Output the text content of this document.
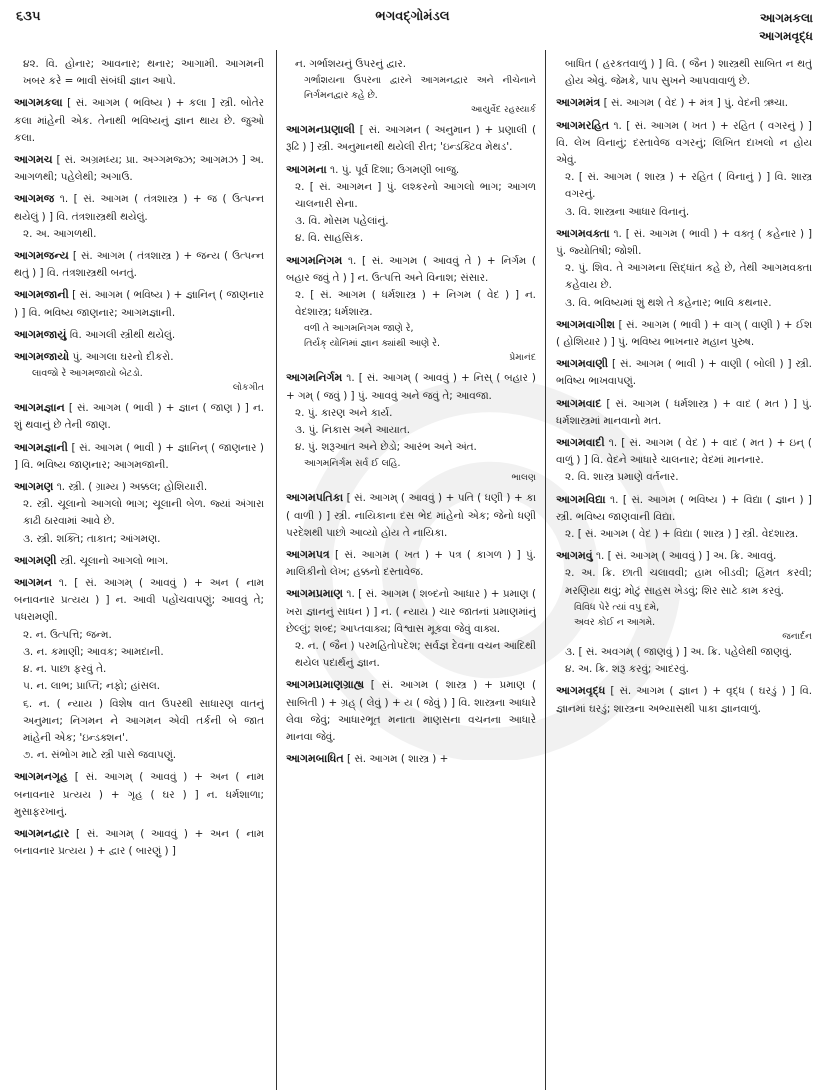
૬૩૫	ભગવદ્ગોમંડલ	આગમકલા
આગમવૃદ્ધ
૪૨. વિ. હોનાર; આવનાર; થનાર; આગામી. આગમની ખબર કરે = ભાવી સંબંધી જ્ઞાન આપે.
આગમકલા [ સં. આગમ ( ભવિષ્ય ) + કલા ] સ્ત્રી. બોતેર કલા માંહેની એક. તેનાથી ભવિષ્યનું જ્ઞાન થાય છે. જુઓ કલા.
આગમચ [ સં. અગ્રમધ્ય; પ્રા. અગ્ગમજ્ઝ; આગમઝ ] અ. આગળથી; પહેલેથી; અગાઉ.
આગમજ ૧. [ સં. આગમ ( તંત્રશાસ્ત્ર ) + જ ( ઉત્પન્ન થયેલું ) ] વિ. તંત્રશાસ્ત્રથી થયેલું.
૨. અ. આગળથી.
આગમજન્ય [ સં. આગમ ( તંત્રશાસ્ત્ર ) + જન્ય ( ઉત્પન્ન થતું ) ] વિ. તંત્રશાસ્ત્રથી બનતું.
આગમજાની [ સં. આગમ ( ભવિષ્ય ) + જ્ઞાનિન્ ( જાણનાર ) ] વિ. ભવિષ્ય જાણનાર; આગમજ્ઞાની.
આગમજાયું વિ. આગલી સ્ત્રીથી થયેલું.
આગમજાયો પું. આગલા ઘરનો દીકરો.
લાવજો રે આગમજાયો બેટડો.
લોકગીત
આગમજ્ઞાન [ સં. આગમ ( ભાવી ) + જ્ઞાન ( જાણ ) ] ન. શું થવાનું છે તેની જાણ.
આગમજ્ઞાની [ સં. આગમ ( ભાવી ) + જ્ઞાનિન્ ( જાણનાર ) ] વિ. ભવિષ્ય જાણનાર; આગમજાની.
આગમણ ૧. સ્ત્રી. ( ગ્રામ્ય ) અક્કલ; હોશિયારી.
૨. સ્ત્રી. ચૂલાનો આગલો ભાગ; ચૂલાની બેળ. જ્યાં અંગારા કાઢી ઠારવામાં આવે છે.
૩. સ્ત્રી. શક્તિ; તાકાત; આંગમણ.
આગમણી સ્ત્રી. ચૂલાનો આગલો ભાગ.
આગમન ૧. [ સં. આગમ્ ( આવવું ) + અન ( નામ બનાવનાર પ્રત્યય ) ] ન. આવી પહોંચવાપણું; આવવું તે; પધરામણી.
૨. ન. ઉત્પત્તિ; જન્મ.
૩. ન. કમાણી; આવક; આમદાની.
૪. ન. પાછા ફરવું તે.
૫. ન. લાભ; પ્રાપ્તિ; નફો; હાંસલ.
૬. ન. ( ન્યાય ) વિશેષ વાત ઉપરથી સાધારણ વાતનું અનુમાન; નિગમન ને આગમન એવી તર્કની બે જાત માંહેની એક; 'ઇન્ડક્શન'.
૭. ન. સંભોગ માટે સ્ત્રી પાસે જવાપણું.
આગમનગૃહ [ સં. આગમ્ ( આવવું ) + અન ( નામ બનાવનાર પ્રત્યય ) + ગૃહ ( ઘર ) ] ન. ધર્મશાળા; મુસાફરખાનું.
આગમનદ્વાર [ સં. આગમ્ ( આવવું ) + અન ( નામ બનાવનાર પ્રત્યય ) + દ્વાર ( બારણું ) ]
ન. ગર્ભાશયનું ઉપરનું દ્વાર.
ગર્ભાશયના ઉપરના દ્વારને આગમનદ્વાર અને નીચેનાને નિર્ગમનદ્વાર કહે છે.
આયુર્વેદ રહસ્યાર્ક
આગમનપ્રણાલી [ સં. આગમન ( અનુમાન ) + પ્રણાલી ( રૂઢિ ) ] સ્ત્રી. અનુમાનથી થયેલી રીત; 'ઇન્ડક્ટિવ મેથડ'.
આગમના ૧. પું. પૂર્વ દિશા; ઉગમણી બાજુ.
૨. [ સં. આગમન ] પું. લશ્કરનો આગલો ભાગ; આગળ ચાલનારી સેના.
૩. વિ. મોસમ પહેલાંનું.
૪. વિ. સાહસિક.
આગમનિગમ ૧. [ સં. આગમ ( આવવું તે ) + નિર્ગમ ( બહાર જવું તે ) ] ન. ઉત્પત્તિ અને વિનાશ; સંસાર.
૨. [ સં. આગમ ( ધર્મશાસ્ત્ર ) + નિગમ ( વેદ ) ] ન. વેદશાસ્ત્ર; ધર્મશાસ્ત્ર.
વળી તે આગમનિગમ જાણે રે,
તિર્યક્ યોનિમાં જ્ઞાન ક્યાંથી આણે રે.
પ્રેમાનંદ
આગમનિર્ગમ ૧. [ સં. આગમ્ ( આવવું ) + નિસ્ ( બહાર ) + ગમ્ ( જવું ) ] પું. આવવું અને જવું તે; આવજા.
૨. પું. કારણ અને કાર્ય.
૩. પું. નિકાસ અને આયાત.
૪. પું. શરૂઆત અને છેડો; આરંભ અને અંત.
આગમનિર્ગમ સર્વ ઈ લહિ.
ભાલણ
આગમપતિકા [ સં. આગમ્ ( આવવું ) + પતિ ( ધણી ) + કા ( વાળી ) ] સ્ત્રી. નાયિકાના દસ ભેદ માંહેનો એક; જેનો ધણી પરદેશથી પાછો આવ્યો હોય તે નાયિકા.
આગમપત્ર [ સં. આગમ ( ખત ) + પત્ર ( કાગળ ) ] પું. માલિકીનો લેખ; હક્કનો દસ્તાવેજ.
આગમપ્રમાણ ૧. [ સં. આગમ ( શબ્દનો આધાર ) + પ્રમાણ ( ખરા જ્ઞાનનું સાધન ) ] ન. ( ન્યાય ) ચાર જાતનાં પ્રમાણમાંનું છેલ્લું; શબ્દ; આપ્તવાક્ય; વિશ્વાસ મૂકવા જેવું વાક્ય.
૨. ન. ( જૈન ) પરમહિતોપદેશ; સર્વજ્ઞ દેવના વચન આદિથી થયેલ પદાર્થનું જ્ઞાન.
આગમપ્રમાણગ્રાહ્ય [ સં. આગમ ( શાસ્ત્ર ) + પ્રમાણ ( સાબિતી ) + ગ્રહ્ ( લેવું ) + ય ( જેવું ) ] વિ. શાસ્ત્રના આધારે લેવા જેવું; આધારભૂત મનાતા માણસના વચનના આધારે માનવા જેવું.
આગમબાધિત [ સં. આગમ ( શાસ્ત્ર ) +
બાધિત ( હરકતવાળું ) ] વિ. ( જૈન ) શાસ્ત્રથી સાબિત ન થતું હોય એવું. જેમકે, પાપ સુખને આપવાવાળું છે.
આગમમંત્ર [ સં. આગમ ( વેદ ) + મંત્ર ] પું. વેદની ઋચા.
આગમરહિત ૧. [ સં. આગમ ( ખત ) + રહિત ( વગરનું ) ] વિ. લેખ વિનાનું; દસ્તાવેજ વગરનું; લિખિત દાખલો ન હોય એવું.
૨. [ સં. આગમ ( શાસ્ત્ર ) + રહિત ( વિનાનું ) ] વિ. શાસ્ત્ર વગરનું.
૩. વિ. શાસ્ત્રના આધાર વિનાનું.
આગમવક્તા ૧. [ સં. આગમ ( ભાવી ) + વક્તૃ ( કહેનાર ) ] પું. જ્યોતિષી; જોશી.
૨. પું. શિવ. તે આગમના સિદ્ધાંત કહે છે, તેથી આગમવક્તા કહેવાય છે.
૩. વિ. ભવિષ્યમાં શું થશે તે કહેનાર; ભાવિ કથનાર.
આગમવાગીશ [ સં. આગમ ( ભાવી ) + વાગ્ ( વાણી ) + ઈશ ( હોશિયાર ) ] પું. ભવિષ્ય ભાખનાર મહાન પુરુષ.
આગમવાણી [ સં. આગમ ( ભાવી ) + વાણી ( બોલી ) ] સ્ત્રી. ભવિષ્ય ભાખવાપણું.
આગમવાદ [ સં. આગમ ( ધર્મશાસ્ત્ર ) + વાદ ( મત ) ] પું. ધર્મશાસ્ત્રમાં માનવાનો મત.
આગમવાદી ૧. [ સં. આગમ ( વેદ ) + વાદ ( મત ) + ઇન્ ( વાળું ) ] વિ. વેદને આધારે ચાલનાર; વેદમાં માનનાર.
૨. વિ. શાસ્ત્ર પ્રમાણે વર્તનાર.
આગમવિદ્યા ૧. [ સં. આગમ ( ભવિષ્ય ) + વિદ્યા ( જ્ઞાન ) ] સ્ત્રી. ભવિષ્ય જાણવાની વિદ્યા.
૨. [ સં. આગમ ( વેદ ) + વિદ્યા ( શાસ્ત્ર ) ] સ્ત્રી. વેદશાસ્ત્ર.
આગમવું ૧. [ સં. આગમ્ ( આવવું ) ] અ. ક્રિ. આવવું.
૨. અ. ક્રિ. છાતી ચલાવવી; હામ બીડવી; હિંમત કરવી; મરણિયા થવું; મોટું સાહસ ખેડવું; શિર સાટે કામ કરવું.
વિવિધ પેરે ત્યાં વપુ દમે,
અવર કોઈ ન આગમે.
જનાર્દન
૩. [ સં. અવગમ્ ( જાણવું ) ] અ. ક્રિ. પહેલેથી જાણવું.
૪. અ. ક્રિ. શરૂ કરવું; આદરવું.
આગમવૃદ્ધ [ સં. આગમ ( જ્ઞાન ) + વૃદ્ધ ( ઘરડું ) ] વિ. જ્ઞાનમાં ઘરડું; શાસ્ત્રના અભ્યાસથી પાકા જ્ઞાનવાળું.
